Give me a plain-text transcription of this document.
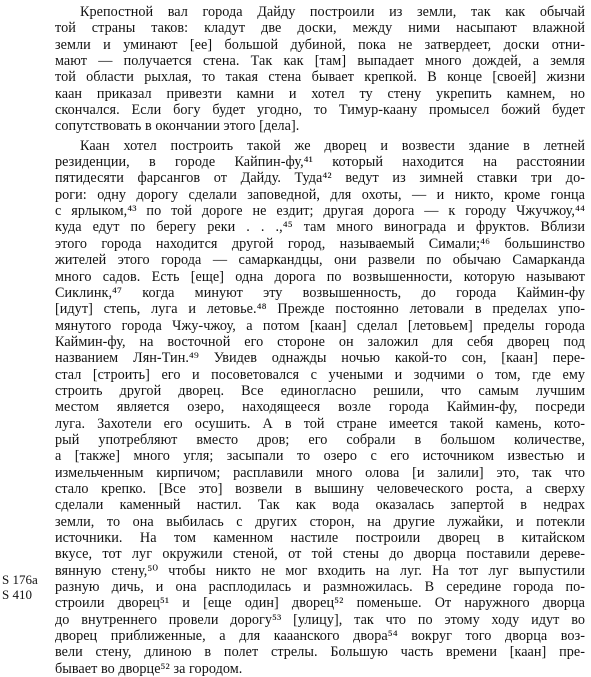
Крепостной вал города Дайду построили из земли, так как обычай
той страны таков: кладут две доски, между ними насыпают влажной
земли и уминают [ее] большой дубиной, пока не затвердеет, доски отни-
мают — получается стена. Так как [там] выпадает много дождей, а земля
той области рыхлая, то такая стена бывает крепкой. В конце [своей] жизни
каан приказал привезти камни и хотел ту стену укрепить камнем, но
скончался. Если богу будет угодно, то Тимур-каану промысел божий будет
сопутствовать в окончании этого [дела].
Каан хотел построить такой же дворец и возвести здание в летней
резиденции, в городе Кайпин-фу,⁴¹ который находится на расстоянии
пятидесяти фарсангов от Дайду. Туда⁴² ведут из зимней ставки три до-
роги: одну дорогу сделали заповедной, для охоты, — и никто, кроме гонца
с ярлыком,⁴³ по той дороге не ездит; другая дорога — к городу Чжучжоу,⁴⁴
куда едут по берегу реки . . .,⁴⁵ там много винограда и фруктов. Вблизи
этого города находится другой город, называемый Симали;⁴⁶ большинство
жителей этого города — самаркандцы, они развели по обычаю Самарканда
много садов. Есть [еще] одна дорога по возвышенности, которую называют
Сиклинк,⁴⁷ когда минуют эту возвышенность, до города Каймин-фу
[идут] степь, луга и летовье.⁴⁸ Прежде постоянно летовали в пределах упо-
мянутого города Чжу-чжоу, а потом [каан] сделал [летовьем] пределы города
Каймин-фу, на восточной его стороне он заложил для себя дворец под
названием Лян-Тин.⁴⁹ Увидев однажды ночью какой-то сон, [каан] пере-
стал [строить] его и посоветовался с учеными и зодчими о том, где ему
строить другой дворец. Все единогласно решили, что самым лучшим
местом является озеро, находящееся возле города Каймин-фу, посреди
луга. Захотели его осушить. А в той стране имеется такой камень, кото-
рый употребляют вместо дров; его собрали в большом количестве,
а [также] много угля; засыпали то озеро с его источником известью и
измельченным кирпичом; расплавили много олова [и залили] это, так что
стало крепко. [Все это] возвели в вышину человеческого роста, а сверху
сделали каменный настил. Так как вода оказалась запертой в недрах
земли, то она выбилась с других сторон, на другие лужайки, и потекли
источники. На том каменном настиле построили дворец в китайском
вкусе, тот луг окружили стеной, от той стены до дворца поставили дереве-
вянную стену,⁵⁰ чтобы никто не мог входить на луг. На тот луг выпустили
разную дичь, и она расплодилась и размножилась. В середине города по-
строили дворец⁵¹ и [еще один] дворец⁵² поменьше. От наружного дворца
до внутреннего провели дорогу⁵³ [улицу], так что по этому ходу идут во
дворец приближенные, а для кааанского двора⁵⁴ вокруг того дворца воз-
вели стену, длиною в полет стрелы. Большую часть времени [каан] пре-
бывает во дворце⁵² за городом.
S 176a
S 410
